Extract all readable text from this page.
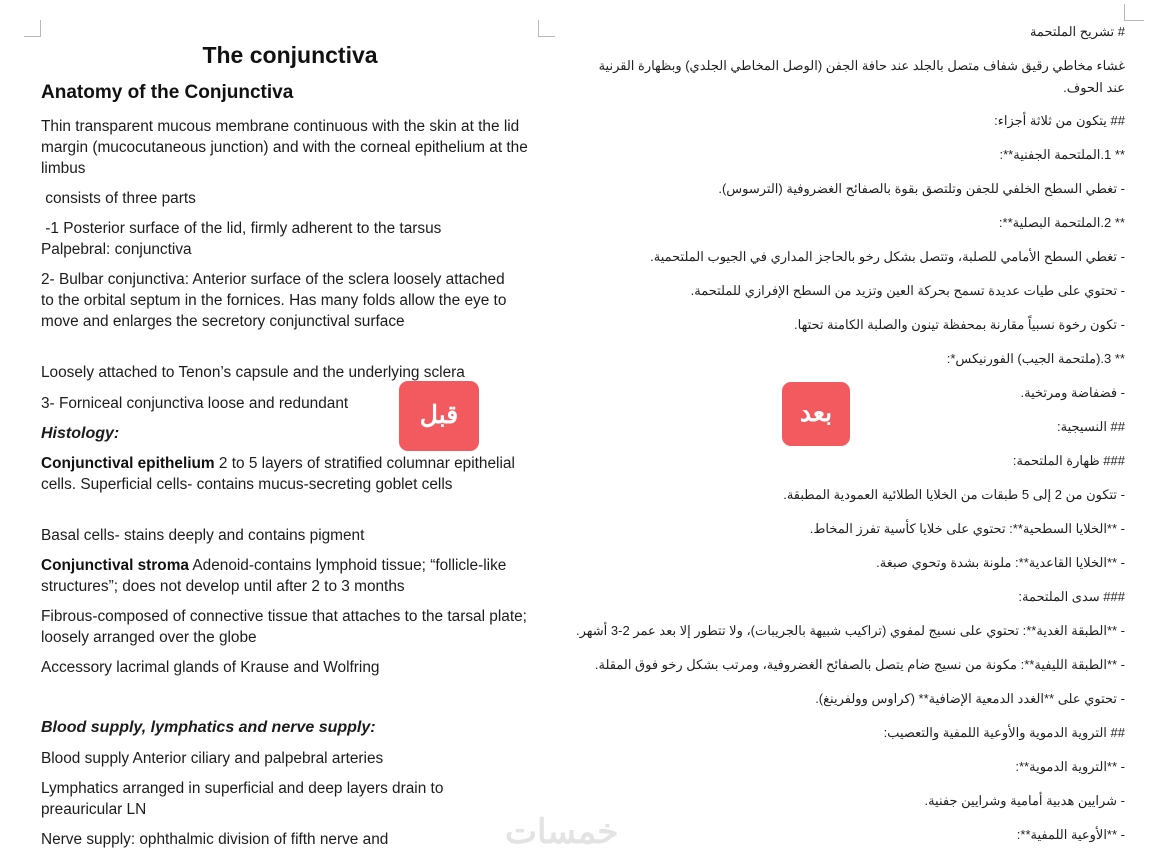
The conjunctiva
Anatomy of the Conjunctiva

Thin transparent mucous membrane continuous with the skin at the lid margin (mucocutaneous junction) and with the corneal epithelium at the limbus

consists of three parts

-1 Posterior surface of the lid, firmly adherent to the tarsus Palpebral: conjunctiva

2- Bulbar conjunctiva: Anterior surface of the sclera loosely attached to the orbital septum in the fornices. Has many folds allow the eye to move and enlarges the secretory conjunctival surface

Loosely attached to Tenon’s capsule and the underlying sclera

3- Forniceal conjunctiva loose and redundant

Histology:

Conjunctival epithelium 2 to 5 layers of stratified columnar epithelial cells. Superficial cells- contains mucus-secreting goblet cells

Basal cells- stains deeply and contains pigment

Conjunctival stroma Adenoid-contains lymphoid tissue; “follicle-like structures”; does not develop until after 2 to 3 months

Fibrous-composed of connective tissue that attaches to the tarsal plate; loosely arranged over the globe

Accessory lacrimal glands of Krause and Wolfring

Blood supply, lymphatics and nerve supply:

Blood supply Anterior ciliary and palpebral arteries

Lymphatics arranged in superficial and deep layers drain to preauricular LN

Nerve supply: ophthalmic division of fifth nerve and

# تشريح الملتحمة

غشاء مخاطي رقيق شفاف متصل بالجلد عند حافة الجفن (الوصل المخاطي الجلدي) وبظهارة القرنية عند الحوف.

## يتكون من ثلاثة أجزاء:

** 1.الملتحمة الجفنية**:

- تغطي السطح الخلفي للجفن وتلتصق بقوة بالصفائح الغضروفية (الترسوس).

** 2.الملتحمة البصلية**:

- تغطي السطح الأمامي للصلبة، وتتصل بشكل رخو بالحاجز المداري في الجيوب الملتحمية.

- تحتوي على طيات عديدة تسمح بحركة العين وتزيد من السطح الإفرازي للملتحمة.

- تكون رخوة نسبياً مقارنة بمحفظة تينون والصلبة الكامنة تحتها.

** 3.(ملتحمة الجيب) الفورنيكس*:

- فضفاضة ومرتخية.

## النسيجية:

### ظهارة الملتحمة:

- تتكون من 2 إلى 5 طبقات من الخلايا الطلائية العمودية المطبقة.

- **الخلايا السطحية**: تحتوي على خلايا كأسية تفرز المخاط.

- **الخلايا القاعدية**: ملونة بشدة وتحوي صبغة.

### سدى الملتحمة:

- **الطبقة الغدية**: تحتوي على نسيج لمفوي (تراكيب شبيهة بالجريبات)، ولا تتطور إلا بعد عمر 2-3 أشهر.

- **الطبقة الليفية**: مكونة من نسيج ضام يتصل بالصفائح الغضروفية، ومرتب بشكل رخو فوق المقلة.

- تحتوي على **الغدد الدمعية الإضافية** (كراوس وولفرينغ).

## التروية الدموية والأوعية اللمفية والتعصيب:

- **التروية الدموية**:

- شرايين هدبية أمامية وشرايين جفنية.

- **الأوعية اللمفية**:

قبل	بعد
خمسات
